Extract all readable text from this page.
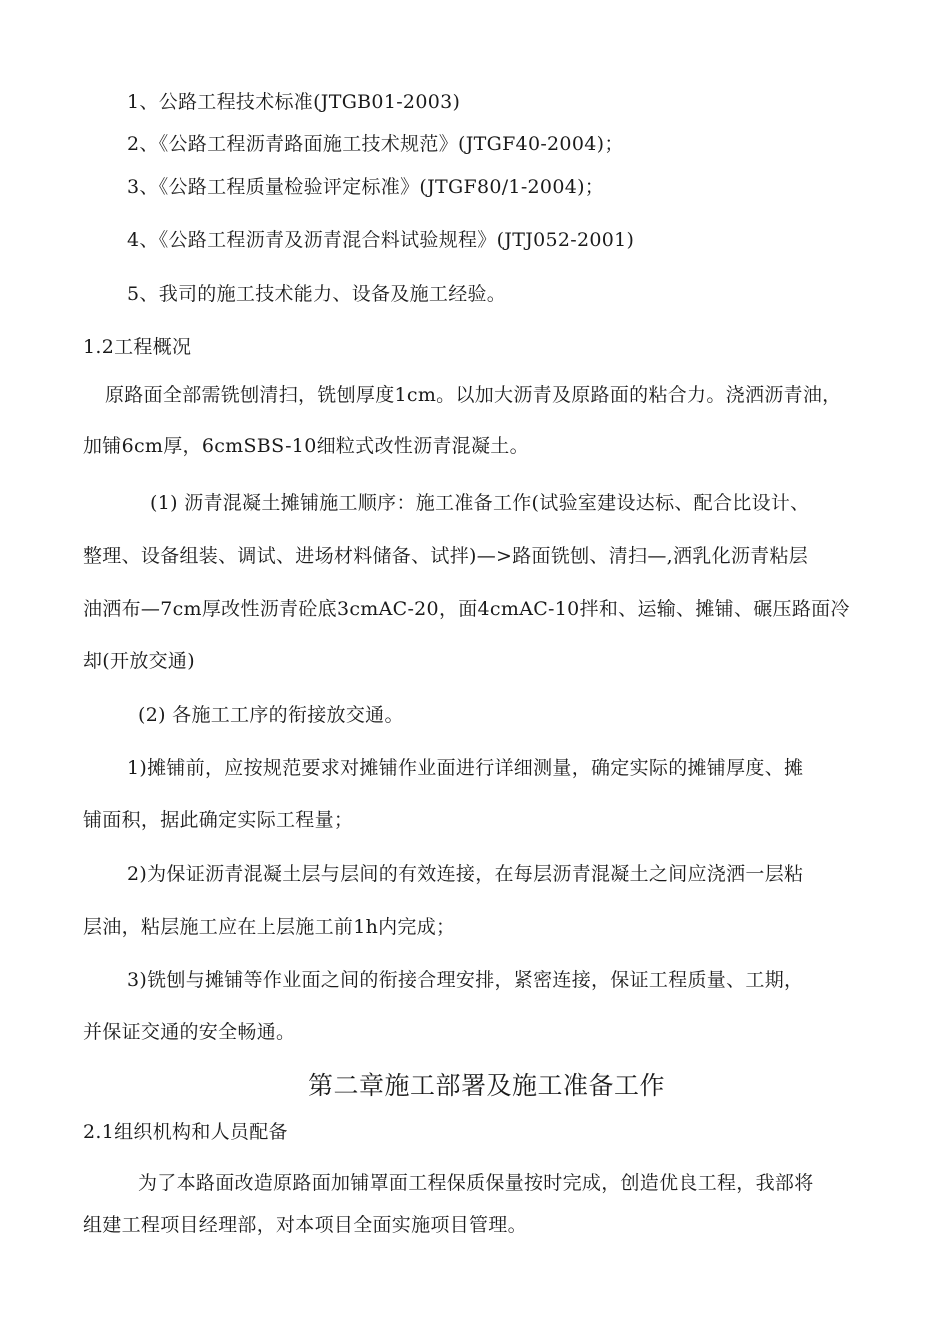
1、公路工程技术标准(JTGB01-2003)
2、《公路工程沥青路面施工技术规范》(JTGF40-2004)；
3、《公路工程质量检验评定标准》(JTGF80/1-2004)；
4、《公路工程沥青及沥青混合料试验规程》(JTJ052-2001)
5、我司的施工技术能力、设备及施工经验。
1.2工程概况
原路面全部需铣刨清扫，铣刨厚度1cm。以加大沥青及原路面的粘合力。浇洒沥青油，
加铺6cm厚，6cmSBS-10细粒式改性沥青混凝土。
(1) 沥青混凝土摊铺施工顺序：施工准备工作(试验室建设达标、配合比设计、
整理、设备组装、调试、进场材料储备、试拌)—>路面铣刨、清扫—,洒乳化沥青粘层
油洒布—7cm厚改性沥青砼底3cmAC-20，面4cmAC-10拌和、运输、摊铺、碾压路面冷
却(开放交通)
(2) 各施工工序的衔接放交通。
1)摊铺前，应按规范要求对摊铺作业面进行详细测量，确定实际的摊铺厚度、摊
铺面积，据此确定实际工程量；
2)为保证沥青混凝土层与层间的有效连接，在每层沥青混凝土之间应浇洒一层粘
层油，粘层施工应在上层施工前1h内完成；
3)铣刨与摊铺等作业面之间的衔接合理安排，紧密连接，保证工程质量、工期，
并保证交通的安全畅通。
第二章施工部署及施工准备工作
2.1组织机构和人员配备
为了本路面改造原路面加铺罩面工程保质保量按时完成，创造优良工程，我部将
组建工程项目经理部，对本项目全面实施项目管理。
